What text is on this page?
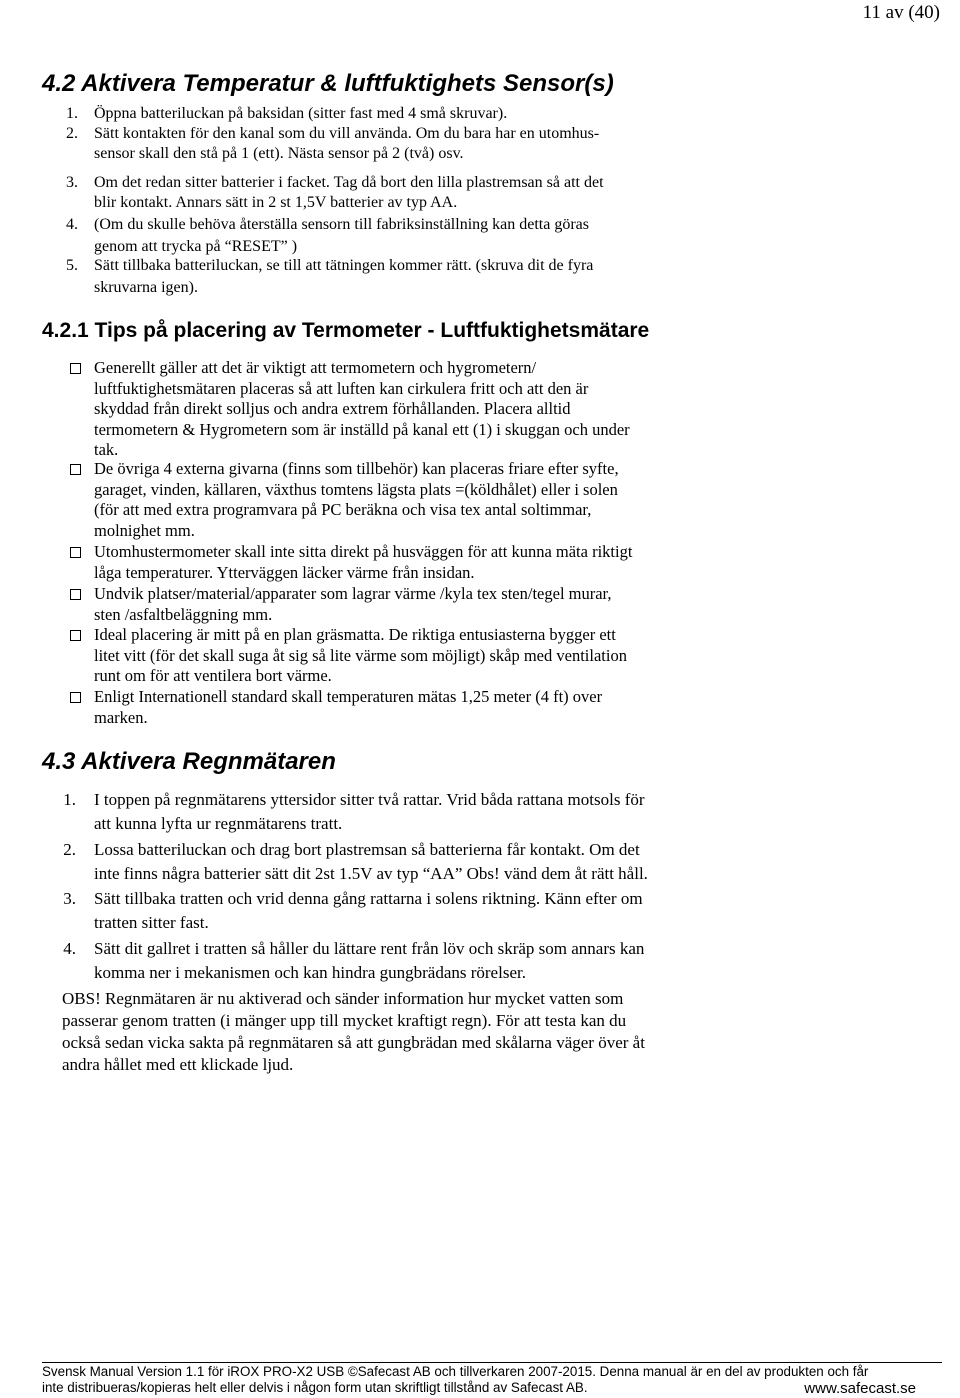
11 av (40)
4.2 Aktivera Temperatur & luftfuktighets Sensor(s)
1. Öppna batteriluckan på baksidan (sitter fast med 4 små skruvar).
2. Sätt kontakten för den kanal som du vill använda. Om du bara har en utomhus-
sensor skall den stå på 1 (ett). Nästa sensor på 2 (två) osv.
3. Om det redan sitter batterier i facket. Tag då bort den lilla plastremsan så att det
blir kontakt. Annars sätt in 2 st 1,5V batterier av typ AA.
4. (Om du skulle behöva återställa sensorn till fabriksinställning kan detta göras
genom att trycka på “RESET” )
5. Sätt tillbaka batteriluckan, se till att tätningen kommer rätt. (skruva dit de fyra
skruvarna igen).
4.2.1 Tips på placering av Termometer - Luftfuktighetsmätare
Generellt gäller att det är viktigt att termometern och hygrometern/
luftfuktighetsmätaren placeras så att luften kan cirkulera fritt och att den är
skyddad från direkt solljus och andra extrem förhållanden. Placera alltid
termometern & Hygrometern som är inställd på kanal ett (1) i skuggan och under
tak.
De övriga 4 externa givarna (finns som tillbehör) kan placeras friare efter syfte,
garaget, vinden, källaren, växthus tomtens lägsta plats =(köldhålet) eller i solen
(för att med extra programvara på PC beräkna och visa tex antal soltimmar,
molnighet mm.
Utomhustermometer skall inte sitta direkt på husväggen för att kunna mäta riktigt
låga temperaturer. Ytterväggen läcker värme från insidan.
Undvik platser/material/apparater som lagrar värme /kyla tex sten/tegel murar,
sten /asfaltbeläggning mm.
Ideal placering är mitt på en plan gräsmatta. De riktiga entusiasterna bygger ett
litet vitt (för det skall suga åt sig så lite värme som möjligt) skåp med ventilation
runt om för att ventilera bort värme.
Enligt Internationell standard skall temperaturen mätas 1,25 meter (4 ft) over
marken.
4.3 Aktivera Regnmätaren
1. I toppen på regnmätarens yttersidor sitter två rattar. Vrid båda rattana motsols för
att kunna lyfta ur regnmätarens tratt.
2. Lossa batteriluckan och drag bort plastremsan så batterierna får kontakt. Om det
inte finns några batterier sätt dit 2st 1.5V av typ “AA” Obs! vänd dem åt rätt håll.
3. Sätt tillbaka tratten och vrid denna gång rattarna i solens riktning. Känn efter om
tratten sitter fast.
4. Sätt dit gallret i tratten så håller du lättare rent från löv och skräp som annars kan
komma ner i mekanismen och kan hindra gungbrädans rörelser.
OBS! Regnmätaren är nu aktiverad och sänder information hur mycket vatten som
passerar genom tratten (i mänger upp till mycket kraftigt regn). För att testa kan du
också sedan vicka sakta på regnmätaren så att gungbrädan med skålarna väger över åt
andra hållet med ett klickade ljud.
Svensk Manual Version 1.1 för iROX PRO-X2 USB ©Safecast AB och tillverkaren 2007-2015. Denna manual är en del av produkten och får
inte distribueras/kopieras helt eller delvis i någon form utan skriftligt tillstånd av Safecast AB.	www.safecast.se
